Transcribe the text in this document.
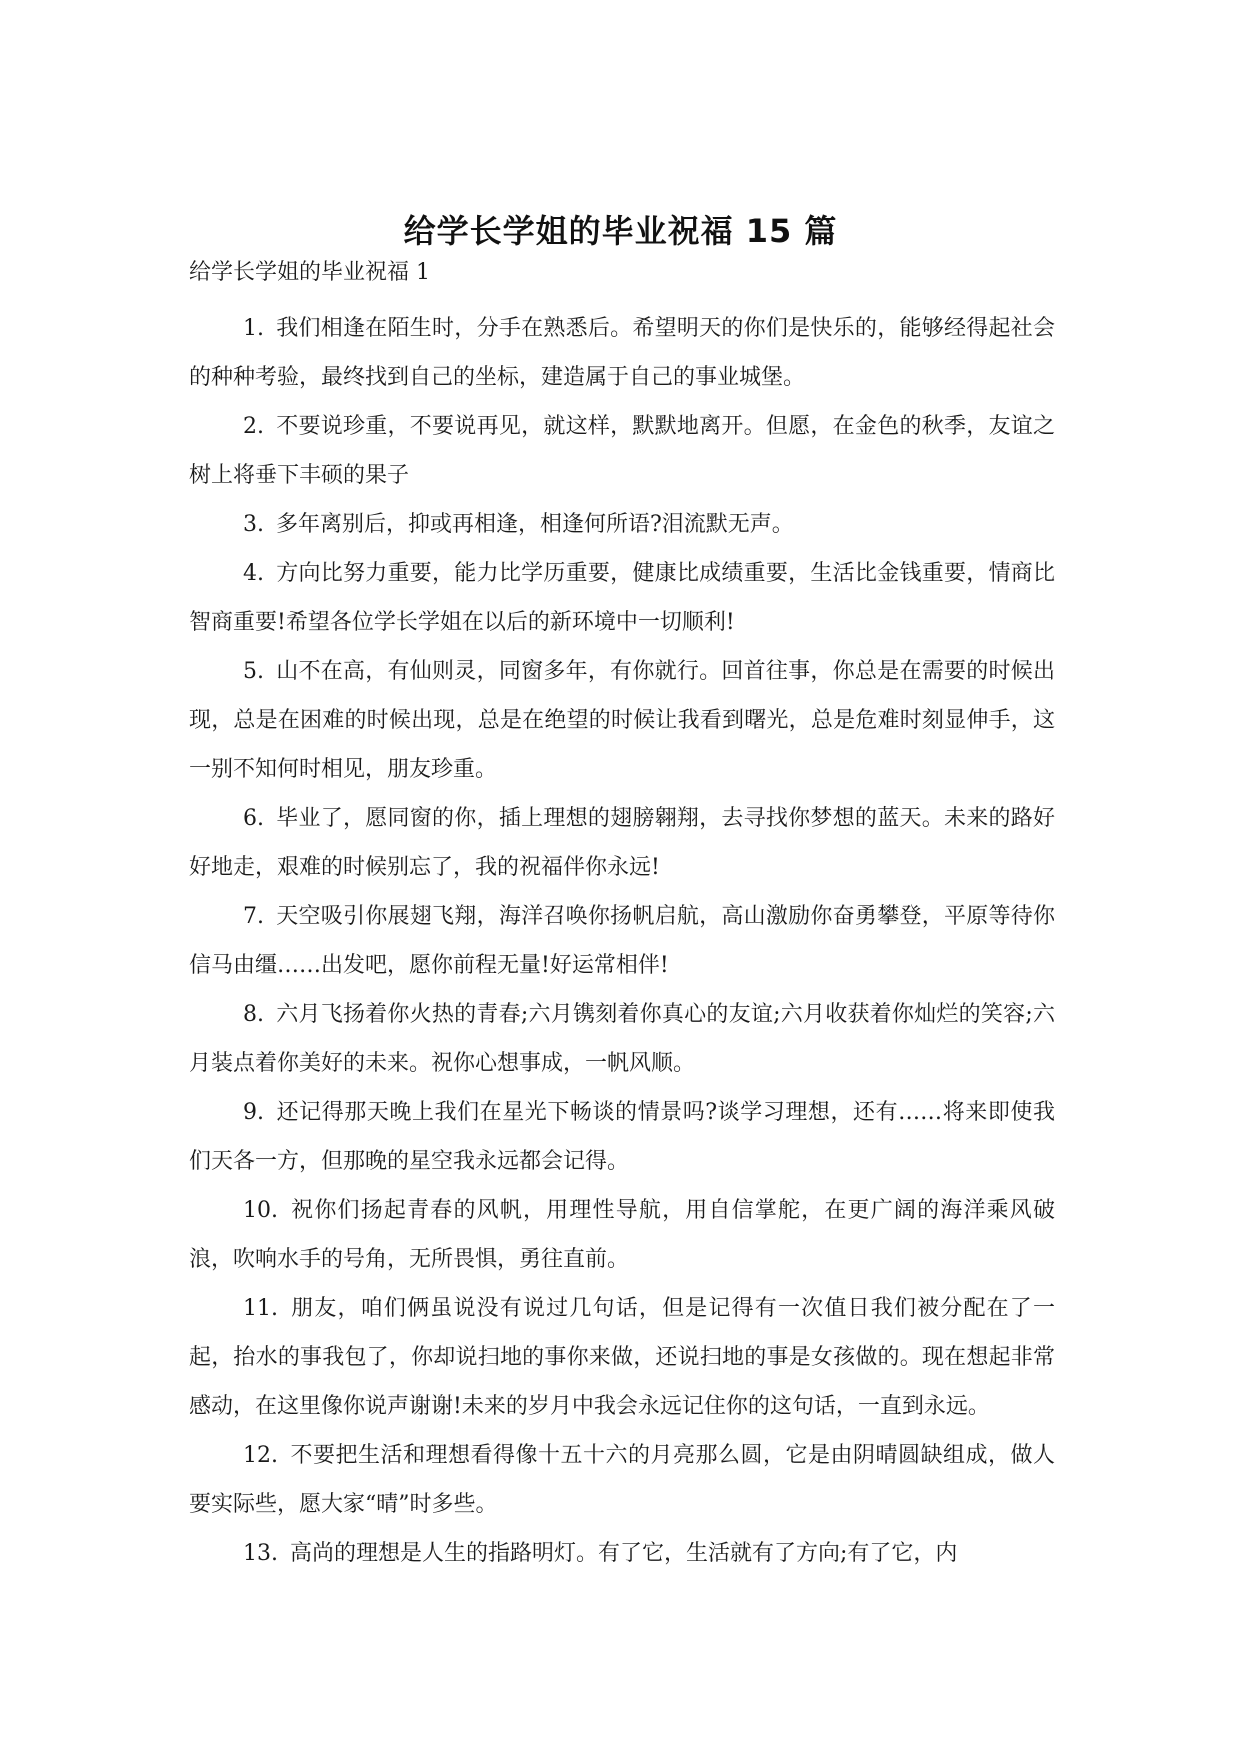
给学长学姐的毕业祝福 15 篇
给学长学姐的毕业祝福 1

1. 我们相逢在陌生时，分手在熟悉后。希望明天的你们是快乐的，能够经得起社会的种种考验，最终找到自己的坐标，建造属于自己的事业城堡。

2. 不要说珍重，不要说再见，就这样，默默地离开。但愿，在金色的秋季，友谊之树上将垂下丰硕的果子

3. 多年离别后，抑或再相逢，相逢何所语?泪流默无声。

4. 方向比努力重要，能力比学历重要，健康比成绩重要，生活比金钱重要，情商比智商重要!希望各位学长学姐在以后的新环境中一切顺利!

5. 山不在高，有仙则灵，同窗多年，有你就行。回首往事，你总是在需要的时候出现，总是在困难的时候出现，总是在绝望的时候让我看到曙光，总是危难时刻显伸手，这一别不知何时相见，朋友珍重。

6. 毕业了，愿同窗的你，插上理想的翅膀翱翔，去寻找你梦想的蓝天。未来的路好好地走，艰难的时候别忘了，我的祝福伴你永远!

7. 天空吸引你展翅飞翔，海洋召唤你扬帆启航，高山激励你奋勇攀登，平原等待你信马由缰……出发吧，愿你前程无量!好运常相伴!

8. 六月飞扬着你火热的青春;六月镌刻着你真心的友谊;六月收获着你灿烂的笑容;六月装点着你美好的未来。祝你心想事成，一帆风顺。

9. 还记得那天晚上我们在星光下畅谈的情景吗?谈学习理想，还有……将来即使我们天各一方，但那晚的星空我永远都会记得。

10. 祝你们扬起青春的风帆，用理性导航，用自信掌舵，在更广阔的海洋乘风破浪，吹响水手的号角，无所畏惧，勇往直前。

11. 朋友，咱们俩虽说没有说过几句话，但是记得有一次值日我们被分配在了一起，抬水的事我包了，你却说扫地的事你来做，还说扫地的事是女孩做的。现在想起非常感动，在这里像你说声谢谢!未来的岁月中我会永远记住你的这句话，一直到永远。

12. 不要把生活和理想看得像十五十六的月亮那么圆，它是由阴晴圆缺组成，做人要实际些，愿大家“晴”时多些。

13. 高尚的理想是人生的指路明灯。有了它，生活就有了方向;有了它，内
